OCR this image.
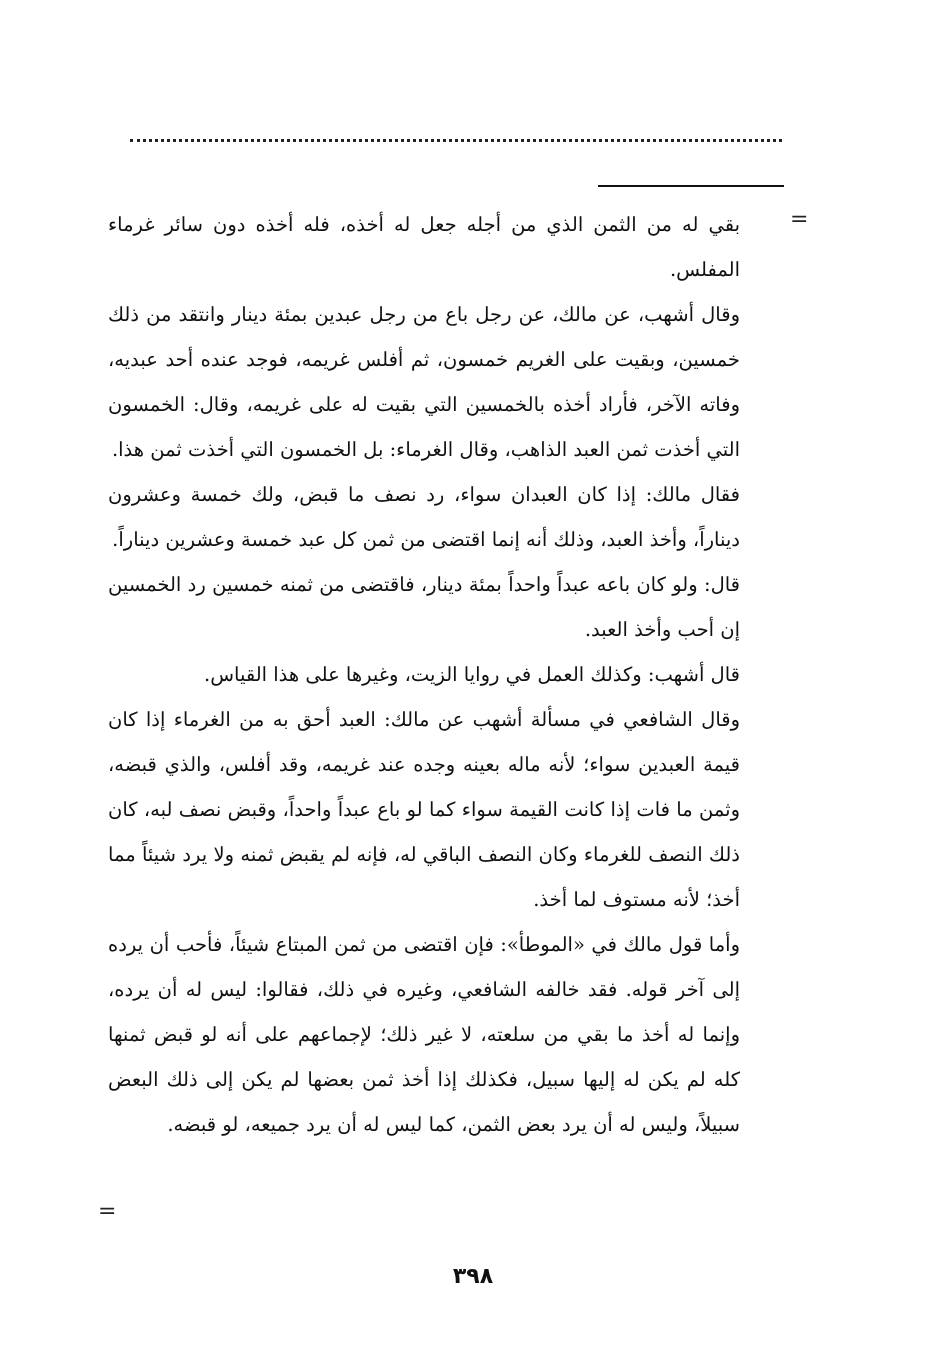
=

بقي له من الثمن الذي من أجله جعل له أخذه، فله أخذه دون سائر غرماء المفلس.

وقال أشهب، عن مالك، عن رجل باع من رجل عبدين بمئة دينار وانتقد من ذلك خمسين، وبقيت على الغريم خمسون، ثم أفلس غريمه، فوجد عنده أحد عبديه، وفاته الآخر، فأراد أخذه بالخمسين التي بقيت له على غريمه، وقال: الخمسون التي أخذت ثمن العبد الذاهب، وقال الغرماء: بل الخمسون التي أخذت ثمن هذا.

فقال مالك: إذا كان العبدان سواء، رد نصف ما قبض، ولك خمسة وعشرون ديناراً، وأخذ العبد، وذلك أنه إنما اقتضى من ثمن كل عبد خمسة وعشرين ديناراً.

قال: ولو كان باعه عبداً واحداً بمئة دينار، فاقتضى من ثمنه خمسين رد الخمسين إن أحب وأخذ العبد.

قال أشهب: وكذلك العمل في روايا الزيت، وغيرها على هذا القياس.

وقال الشافعي في مسألة أشهب عن مالك: العبد أحق به من الغرماء إذا كان قيمة العبدين سواء؛ لأنه ماله بعينه وجده عند غريمه، وقد أفلس، والذي قبضه، وثمن ما فات إذا كانت القيمة سواء كما لو باع عبداً واحداً، وقبض نصف لبه، كان ذلك النصف للغرماء وكان النصف الباقي له، فإنه لم يقبض ثمنه ولا يرد شيئاً مما أخذ؛ لأنه مستوف لما أخذ.

وأما قول مالك في «الموطأ»: فإن اقتضى من ثمن المبتاع شيئاً، فأحب أن يرده إلى آخر قوله. فقد خالفه الشافعي، وغيره في ذلك، فقالوا: ليس له أن يرده، وإنما له أخذ ما بقي من سلعته، لا غير ذلك؛ لإجماعهم على أنه لو قبض ثمنها كله لم يكن له إليها سبيل، فكذلك إذا أخذ ثمن بعضها لم يكن إلى ذلك البعض سبيلاً، وليس له أن يرد بعض الثمن، كما ليس له أن يرد جميعه، لو قبضه.

=
٣٩٨
